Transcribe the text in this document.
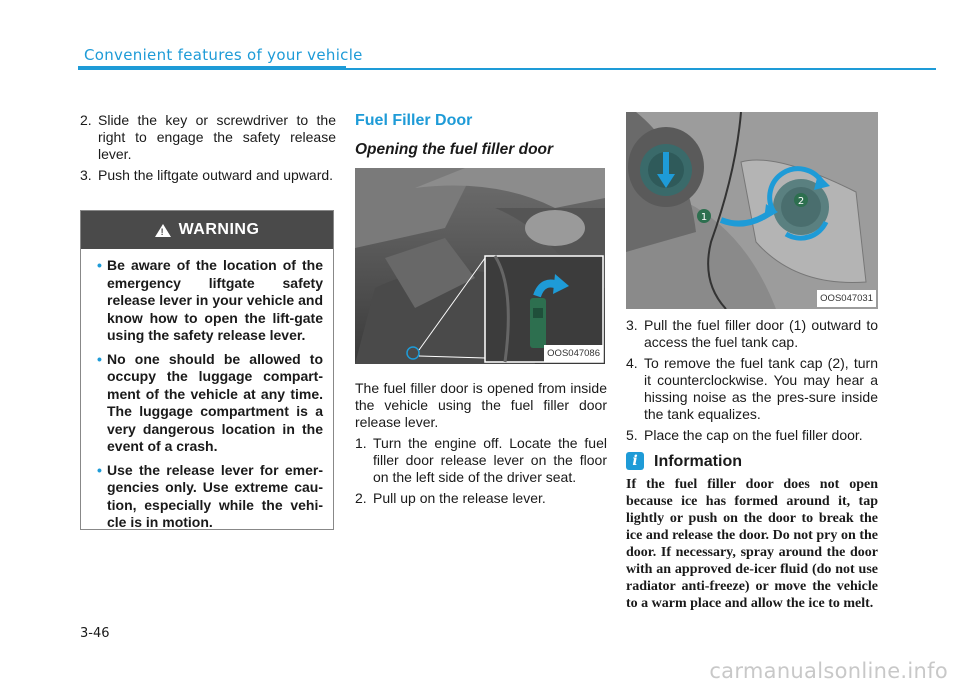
Convenient features of your vehicle
2. Slide the key or screwdriver to the right to engage the safety release lever.
3. Push the liftgate outward and upward.
! WARNING
• Be aware of the location of the emergency liftgate safety release lever in your vehicle and know how to open the lift-gate using the safety release lever.
• No one should be allowed to occupy the luggage compart-ment of the vehicle at any time. The luggage compartment is a very dangerous location in the event of a crash.
• Use the release lever for emer-gencies only. Use extreme cau-tion, especially while the vehi-cle is in motion.
Fuel Filler Door
Opening the fuel filler door
OOS047086
The fuel filler door is opened from inside the vehicle using the fuel filler door release lever.
1. Turn the engine off. Locate the fuel filler door release lever on the floor on the left side of the driver seat.
2. Pull up on the release lever.
1
2
OOS047031
3. Pull the fuel filler door (1) outward to access the fuel tank cap.
4. To remove the fuel tank cap (2), turn it counterclockwise. You may hear a hissing noise as the pres-sure inside the tank equalizes.
5. Place the cap on the fuel filler door.
i	Information
If the fuel filler door does not open because ice has formed around it, tap lightly or push on the door to break the ice and release the door. Do not pry on the door. If necessary, spray around the door with an approved de-icer fluid (do not use radiator anti-freeze) or move the vehicle to a warm place and allow the ice to melt.
3-46
carmanualsonline.info
